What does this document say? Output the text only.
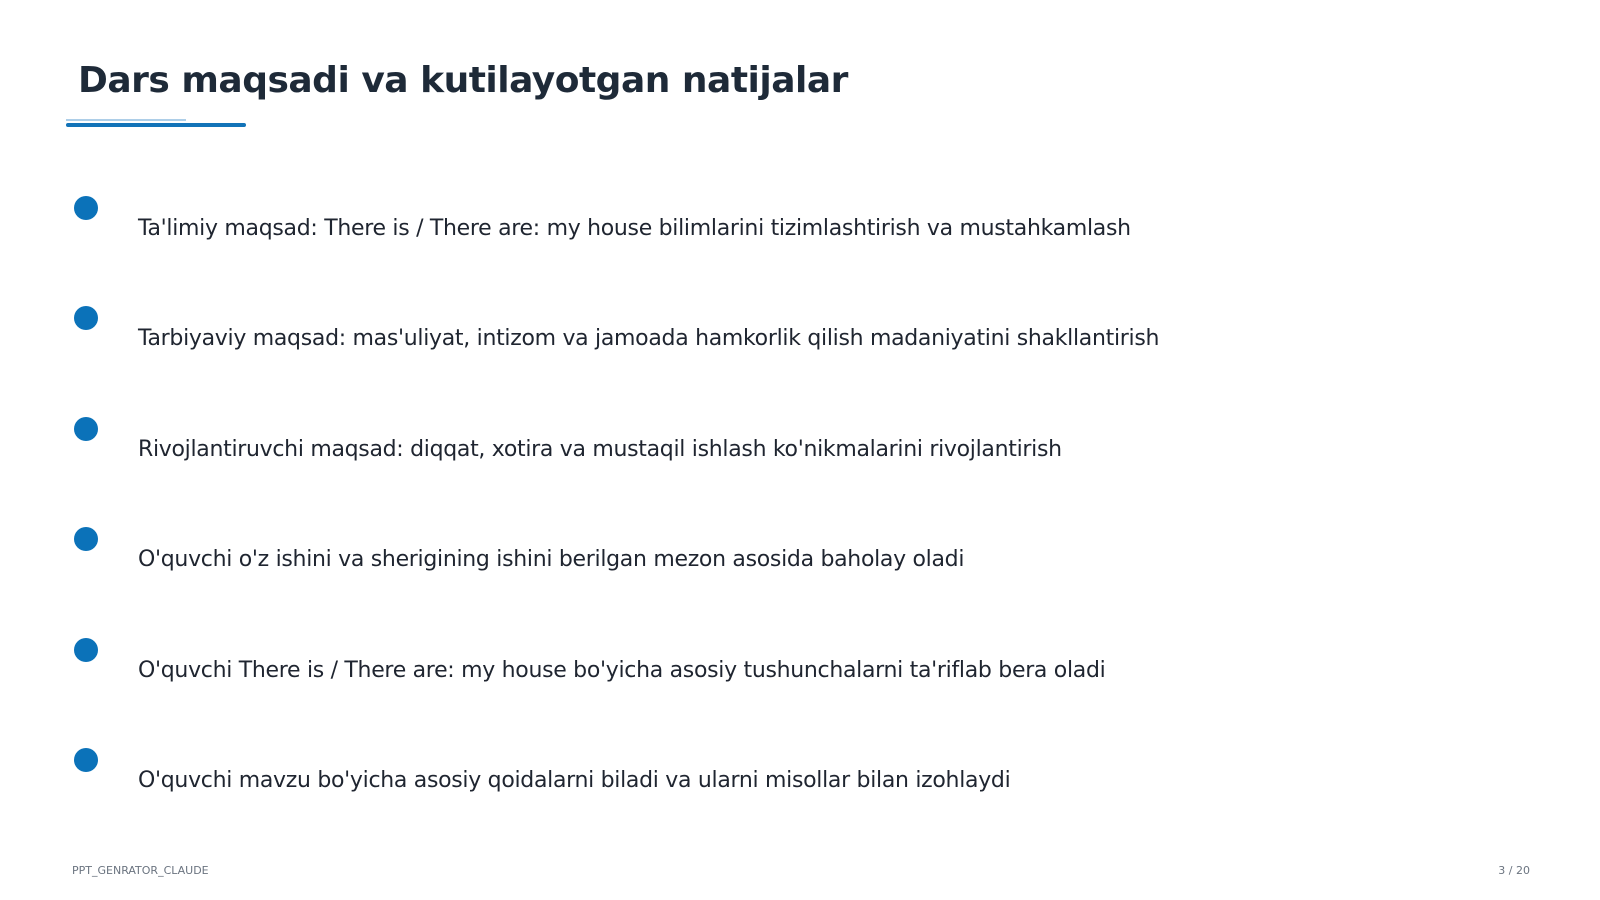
Dars maqsadi va kutilayotgan natijalar
Ta'limiy maqsad: There is / There are: my house bilimlarini tizimlashtirish va mustahkamlash
Tarbiyaviy maqsad: mas'uliyat, intizom va jamoada hamkorlik qilish madaniyatini shakllantirish
Rivojlantiruvchi maqsad: diqqat, xotira va mustaqil ishlash ko'nikmalarini rivojlantirish
O'quvchi o'z ishini va sherigining ishini berilgan mezon asosida baholay oladi
O'quvchi There is / There are: my house bo'yicha asosiy tushunchalarni ta'riflab bera oladi
O'quvchi mavzu bo'yicha asosiy qoidalarni biladi va ularni misollar bilan izohlaydi
PPT_GENRATOR_CLAUDE	3 / 20
